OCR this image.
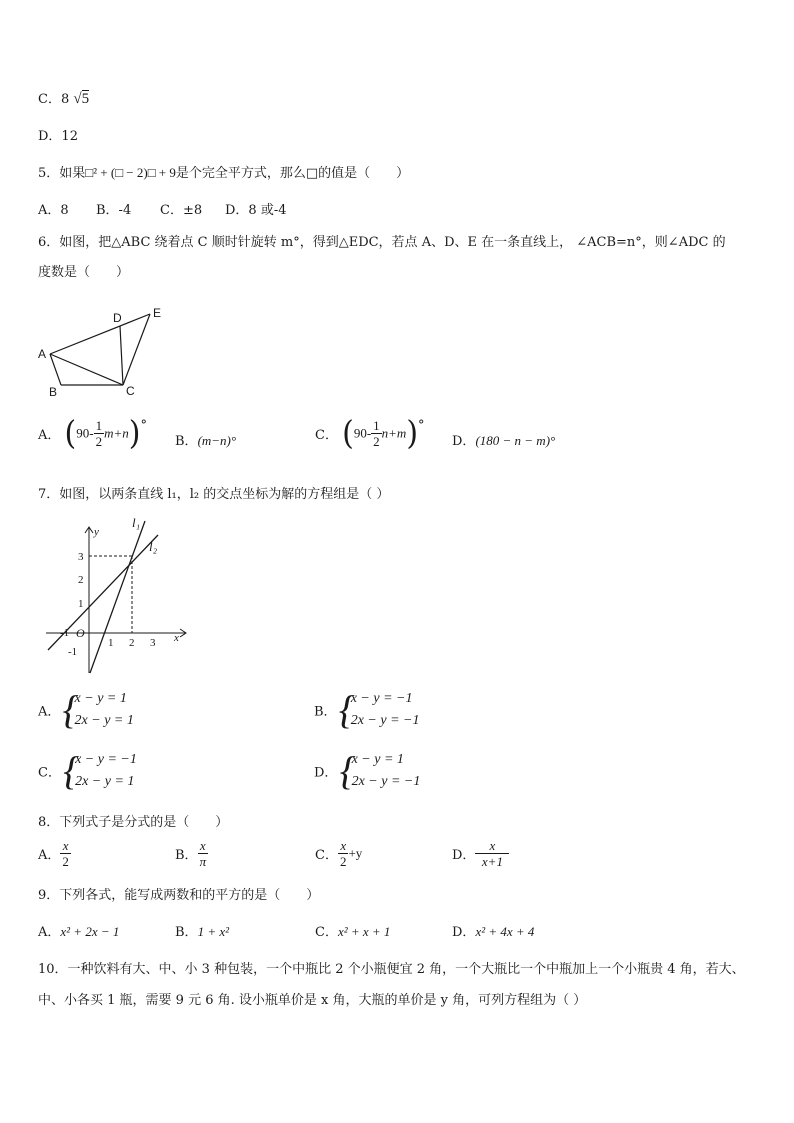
C．8 √5
D．12
5．如果□² + (□ − 2)□ + 9是个完全平方式，那么□的值是（　　）
A．8 B．-4 C．±8 D．8 或-4
6．如图，把△ABC 绕着点 C 顺时针旋转 m°，得到△EDC，若点 A、D、E 在一条直线上， ∠ACB=n°，则∠ADC 的
度数是（　　）
A
B	C
D	E
A． $(90- \frac{1}{2} m+n)^\circ$
B．(m−n)°	C． $(90- \frac{1}{2} n+m)^\circ$
D．(180 − n − m)°
7．如图，以两条直线 l₁，l₂ 的交点坐标为解的方程组是（ ）
y
x
O
l₁
l₂
-1
1 2 3
1
2
3
-1
A．
{ x − y = 1
2x − y = 1
B．
{ x − y = −1
2x − y = −1
C．
{ x − y = −1
2x − y = 1
D．
{ x − y = 1
2x − y = −1
8．下列式子是分式的是（　　）
A． $\frac{x}{2}$	B． $\frac{x}{\pi}$	C． $\frac{x}{2} +y$	D． $\frac{x}{x+1}$
9．下列各式，能写成两数和的平方的是（　　）
A．x² + 2x − 1	B．1 + x²	C．x² + x + 1	D．x² + 4x + 4
10．一种饮料有大、中、小 3 种包装，一个中瓶比 2 个小瓶便宜 2 角，一个大瓶比一个中瓶加上一个小瓶贵 4 角，若大、
中、小各买 1 瓶，需要 9 元 6 角. 设小瓶单价是 x 角，大瓶的单价是 y 角，可列方程组为（ ）
